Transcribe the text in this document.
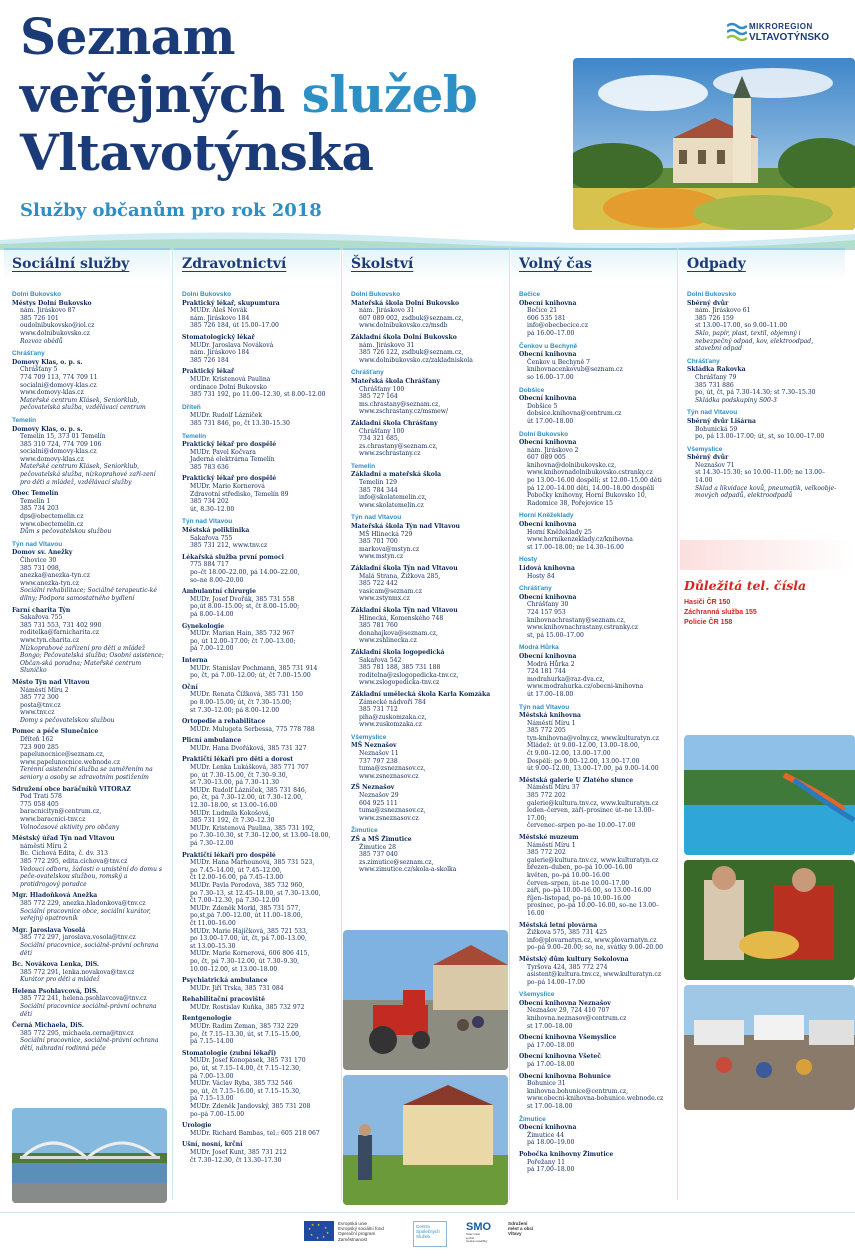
Seznam
veřejných služeb
Vltavotýnska
Služby občanům pro rok 2018
MIKROREGION
VLTAVOTÝNSKO
Sociální služby
Dolní Bukovsko
Městys Dolní Bukovsko
nám. Jiráskovo 87
385 726 101
oudolnibukovsko@iol.cz
www.dolnibukovsko.cz
Rozvoz obědů
Chrášťany
Domovy Klas, o. p. s.
Chrášťany 5
774 709 113, 774 709 11
socialni@domovy-klas.cz
www.domovy-klas.cz
Mateřské centrum Klásek, Seniorklub, pečovatelská služba, vzdělávací centrum
Temelín
Domovy Klas, o. p. s.
Temelín 15, 373 01 Temelín
385 310 724, 774 709 106
socialni@domovy-klas.cz
www.domovy-klas.cz
Mateřské centrum Klásek, Seniorklub, pečovatelská služba, nízkoprahové zaří-zení pro děti a mládež, vzdělávací služby
Obec Temelín
Temelín 1
385 734 203
dps@obectemelin.cz
www.obectemelin.cz
Dům s pečovatelskou službou
Týn nad Vltavou
Domov sv. Anežky
Čihovice 30
385 731 098,
anezka@anezka-tyn.cz
www.anezka-tyn.cz
Sociální rehabilitace; Sociálně terapeutic-ké dílny; Podpora samostatného bydlení
Farní charita Týn
Sakařova 755
385 731 553, 731 402 990
roditelka@farnicharita.cz
www.tyn.charita.cz
Nízkoprahové zařízení pro děti a mládež Bongo; Pečovatelská služba; Osobní asistence; Občan-ská poradna; Mateřské centrum Sluníčko
Město Týn nad Vltavou
Náměstí Míru 2
385 772 300
posta@tnv.cz
www.tnv.cz
Domy s pečovatelskou službou
Pomoc a péče Slunečnice
Dříteň 162
723 900 285
papelunocnice@seznam.cz,
www.papelunocnice.webnode.cz
Terénní asistenční služba se zaměřením na seniory a osoby se zdravotním postižením
Sdružení obce baráčníků VITORAZ
Pod Trati 578
775 058 405
baracnicityn@centrum.cz,
www.baracnici-tnv.cz
Volnočasové aktivity pro občany
Městský úřad Týn nad Vltavou
náměstí Míru 2
Bc. Cichová Edita, č. dv. 313
385 772 295, edita.cichova@tnv.cz
Vedoucí odboru, žádosti o umístění do domu s peče-ovatelskou službou, romský a protidrogový poradce
Mgr. Hladoňková Anežka
385 772 229, anezka.hladonkova@tnv.cz
Sociální pracovnice obce, sociální kurátor, veřejný opatrovník
Mgr. Jaroslava Vosolá
385 772 297, jaroslava.vosola@tnv.cz
Sociální pracovnice, sociálně-právní ochrana dětí
Bc. Novákova Lenka, DiS.
385 772 291, lenka.novakova@tnv.cz
Kurátor pro děti a mládež
Helena Psohlavcová, DiS.
385 772 241, helena.psohlavcova@tnv.cz
Sociální pracovnice sociálně-právní ochrana dětí
Černá Michaela, DiS.
385 772 295, michaela.cerna@tnv.cz
Sociální pracovnice, sociálně-právní ochrana dětí, náhradní rodinná péče
Zdravotnictví
Dolní Bukovsko
Praktický lékař, skupumtura
MUDr. Aleš Novák
nám. Jiráskovo 184
385 726 184, út 15.00–17.00
Stomatologický lékař
MUDr. Jaroslava Nováková
nám. Jiráskovo 184
385 726 184
Praktický lékař
MUDr. Kristenová Paulina
ordinace Dolní Bukovsko
385 731 192, po 11.00–12.30, st 8.00–12.00
Dříteň
MUDr. Rudolf Lázníček
385 731 846, po, čt 13.30–15.30
Temelín
Praktický lékař pro dospělé
MUDr. Pavel Kočvara
Jaderná elektrárna Temelín
385 783 636
Praktický lékař pro dospělé
MUDr. Mario Kornerová
Zdravotní středisko, Temelín 89
385 734 202
út, 8.30–12.00
Týn nad Vltavou
Městská poliklinika
Sakařova 755
385 731 212, www.tnv.cz
Lékařská služba první pomoci
775 884 717
po–čt 18.00–22.00, pá 14.00–22.00,
so–ne 8.00–20.00
Ambulantní chirurgie
MUDr. Josef Dvořák, 385 731 558
po,út 8.00–15.00; st, čt 8.00–15.00;
pá 8.00–14.00
Gynekologie
MUDr. Marian Hain, 385 732 967
po, út 12.00–17.00; čt 7.00–13.00;
pá 7.00–12.00
Interna
MUDr. Stanislav Pochmann, 385 731 914
po, čt, pá 7.00–12.00; út, čt 7.00–15.00
Oční
MUDr. Renata Čížková, 385 731 150
po 8.00–15.00; út, čt 7.30–15.00;
st 7.30–12.00; pá 8.00–12.00
Ortopedie a rehabilitace
MUDr. Mulugeta Serbessa, 775 778 788
Plicní ambulance
MUDr. Hana Dvořáková, 385 731 327
Praktičtí lékaři pro děti a dorost
MUDr. Lenka Lukášková, 385 771 707
po, út 7.30–15.00, čt 7.30–9.30,
st 7.30–13.00, pá 7.30–11.30
MUDr. Rudolf Lázníček, 385 731 846,
po, čt, pá 7.30–12.00, út 7.30–12.00,
12.30–18.00, st 13.00–16.00
MUDr. Ludmila Kokošová,
385 731 192, čt 7.30–12.30
MUDr. Kristenová Paulina, 385 731 192,
po 7.30–10.30, st 7.30–12.00, st 13.00–18.00,
pá 7.30–12.00
Praktičtí lékaři pro dospělé
MUDr. Hana Marhounová, 385 731 523,
po 7.45–14.00, út 7.45–12.00,
čt 12.00–16.00, pá 7.45–13.00
MUDr. Pavla Porodová, 385 732 960,
po 7.30–13, st 12.45–18.00, st 7.30–13.00,
čt 7.00–12.30, pá 7.30–12.00
MUDr. Zdeněk Morkl, 385 731 577,
po,st,pá 7.00–12.00, út 11.00–18.00,
čt 11.00–16.00
MUDr. Marie Hájíčková, 385 721 533,
po 13.00–17.00, út, čt, pá 7.00–13.00,
st 13.00–15.30
MUDr. Marie Kornerová, 606 806 415,
po, čt, pá 7.30–12.00, út 7.30–9.30,
10.00–12.00, st 13.00–18.00
Psychiatrická ambulance
MUDr. Jiří Trska, 385 731 084
Rehabilitační pracoviště
MUDr. Rostislav Kuňka, 385 732 972
Rentgenologie
MUDr. Radim Zeman, 385 732 229
po, čt 7.15–13.30, út, st 7.15–15.00,
pá 7.15–14.00
Stomatologie (zubní lékaři)
MUDr. Josef Konopásek, 385 731 170
po, út, st 7.15–14.00, čt 7.15–12.30,
pá 7.00–13.00
MUDr. Václav Ryba, 385 732 546
po, út, čt 7.15–16.00, st 7.15–15.30,
pá 7.15–13.00
MUDr. Zdeněk Jandovský, 385 731 208
po–pá 7.00–15.00
Urologie
MUDr. Richard Bambas, tel.: 605 218 067
Ušní, nosní, krční
MUDr. Josef Kunt, 385 731 212
čt 7.30–12.30, čt 13.30–17.30
Školství
Dolní Bukovsko
Mateřská škola Dolní Bukovsko
nám. Jiráskovo 31
607 089 002, zsdbuk@seznam.cz,
www.dolnibukovsko.cz/msdb
Základní škola Dolní Bukovsko
nám. Jiráskovo 31
385 726 122, zsdbuk@seznam.cz,
www.dolnibukovsko.cz/zakladniskola
Chrášťany
Mateřská škola Chrášťany
Chrášťany 100
385 727 164
ms.chrastany@seznam.cz,
www.zschrastany.cz/msmew/
Základní škola Chrášťany
Chrášťany 100
734 321 685,
zs.chrastany@seznam.cz,
www.zschrastany.cz
Temelín
Základní a mateřská škola
Temelín 129
385 784 344
info@skolatemelin.cz,
www.skolatemelin.cz
Týn nad Vltavou
Mateřská škola Týn nad Vltavou
MŠ Hlinecká 729
385 701 700
markova@mstyn.cz
www.mstyn.cz
Základní škola Týn nad Vltavou
Malá Strana, Žižkova 285,
385 722 442
vasicam@seznam.cz
www.zstynmx.cz
Základní škola Týn nad Vltavou
Hlinecká, Komenského 748
385 781 760
donahajkova@seznam.cz,
www.zshlinecka.cz
Základní škola logopedická
Sakařova 542
385 781 188, 385 731 188
roditelna@zslogopedicka-tnv.cz,
www.zslogopedicka-tnv.cz
Základní umělecká škola Karla Komzáka
Zámecké nádvoří 784
385 731 712
piha@zuskomzaka.cz,
www.zuskomzaka.cz
Všemyslice
MŠ Neznašov
Neznašov 11
737 797 238
tuma@zsneznasov.cz,
www.zsneznasov.cz
ZŠ Neznašov
Neznašov 29
604 925 111
tuma@zsneznasov.cz,
www.zsneznasov.cz
Žimutice
ZŠ a MŠ Žimutice
Žimutice 28
385 737 040
zs.zimutice@seznam.cz,
www.zimutice.cz/skola-a-skolka
Volný čas
Bečice
Obecní knihovna
Bečice 21
606 535 181
info@obecbecice.cz
pá 16.00–17.00
Čenkov u Bechyně
Obecní knihovna
Čenkov u Bechyně 7
knihovnacenkovub@seznam.cz
so 16.00–17.00
Dobšice
Obecní knihovna
Dobšice 5
dobsice.knihovna@centrum.cz
út 17.00–18.00
Dolní Bukovsko
Obecní knihovna
nám. Jiráskovo 2
607 089 005
knihovna@dolnibukovsko.cz,
www.knihovnadolnibukovsko.cstranky.cz
po 13.00–16.00 dospělí; st 12.00–15.00 děti
pá 12.00–14.00 děti, 14.00–18.00 dospělí
Pobočky knihovny, Horní Bukovsko 10,
Radomice 38, Pořejovice 15
Horní Kněžeklady
Obecní knihovna
Horní Kněžeklady 25
www.hornikenzeklady.cz/knihovna
st 17.00–18.00; ne 14.30–16.00
Hosty
Lidová knihovna
Hosty 84
Chrášťany
Obecní knihovna
Chrášťany 30
724 157 953
knihovnachrastany@seznam.cz,
www.knihovnachrastany.cstranky.cz
st, pá 15.00–17.00
Modrá Hůrka
Obecní knihovna
Modrá Hůrka 2
724 181 744
modrahurka@raz-dva.cz,
www.modrahurka.cz/obecni-knihovna
út 17.00–18.00
Týn nad Vltavou
Městská knihovna
Náměstí Míru 1
385 772 205
tyn-knihovna@volny.cz, www.kulturatyn.cz
Mládež: út 9.00–12.00, 13.00–18.00,
čt 9.00–12.00, 13.00–17.00
Dospělí: po 9.00–12.00, 13.00–17.00
út 9.00–12.00, 13.00–17.00, pá 9.00–14.00
Městská galerie U Zlatého slunce
Náměstí Míru 37
385 772 202
galerie@kultura.tnv.cz, www.kulturatyn.cz
leden–červen, září–prosinec út–ne 13.00–17.00;
červenec–srpen po–ne 10.00–17.00
Městské muzeum
Náměstí Míru 1
385 772 202
galerie@kultura.tnv.cz, www.kulturatyn.cz
březen–duben, po–pá 10.00–16.00
květen, po–pá 10.00–16.00
červen–srpen, út–ne 10.00–17.00
září, po–pá 10.00–16.00, so 13.00–16.00
říjen–listopad, po–pá 10.00–16.00
prosinec, po–pá 10.00–16.00, so–ne 13.00–16.00
Městská letní plovárna
Žižkova 575, 385 731 425
info@plovarnatyn.cz, www.plovarnatyn.cz
po–pá 9.00–20.00; so, ne, svátky 9.00–20.00
Městský dům kultury Sokolovna
Tyršova 424, 385 772 274
asistent@kultura.tnv.cz, www.kulturatyn.cz
po–pá 14.00–17.00
Všemyslice
Obecní knihovna Neznašov
Neznašov 29, 724 410 707
knihovna.neznasov@centrum.cz
st 17.00–18.00
Obecní knihovna Všemyslice
pá 17.00–18.00
Obecní knihovna Všeteč
pá 17.00–18.00
Obecní knihovna Bohunice
Bohunice 31
knihovna.bohunice@centrum.cz,
www.obecni-knihovna-bohunice.webnode.cz
st 17.00–18.00
Žimutice
Obecní knihovna
Žimutice 44
pá 18.00–19.00
Pobočka knihovny Žimutice
Pořežany 11
pá 17.00–18.00
Odpady
Dolní Bukovsko
Sběrný dvůr
nám. Jiráskovo 61
385 726 159
st 13.00–17.00, so 9.00–11.00
Sklo, papír, plast, textil, objemný i nebezpečný odpad, kov, elektroodpad, stavební odpad
Chrášťany
Skládka Rakovka
Chrášťany 79
385 731 886
po, út, čt, pá 7.30–14.30; st 7.30–15.30
Skládka podskupiny S00-3
Týn nad Vltavou
Sběrný dvůr Lišárna
Bohunická 59
po, pá 13.00–17.00; út, st, so 10.00–17.00
Všemyslice
Sběrný dvůr
Neznašov 71
st 14.30–15.30; so 10.00–11.00; ne 13.00–14.00
Sklad a likvidace kovů, pneumatik, velkoobje-mových odpadů, elektroodpadů
Důležitá tel. čísla
Hasiči ČR 150
Záchranná služba 155
Policie ČR 158
★
★
★
★
★
★
★
★	Evropská unie
Evropský sociální fond
Operační program Zaměstnanost
Centra
Společných
Služeb
SMO
Svaz měst
a obcí
České republiky
Sdružení
měst a obcí
Vltavy
